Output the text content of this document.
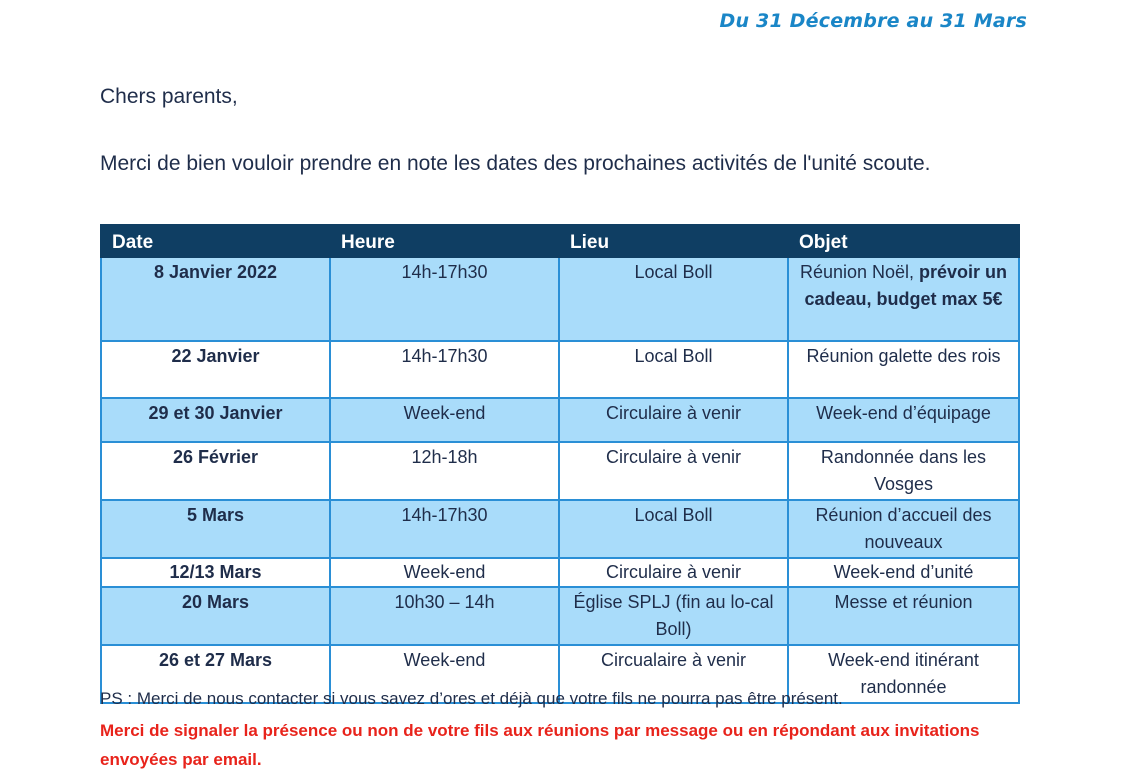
Du 31 Décembre au 31 Mars
Chers parents,
Merci de bien vouloir prendre en note les dates des prochaines activités de l'unité scoute.
Date	Heure	Lieu	Objet
8 Janvier 2022	14h-17h30	Local Boll	Réunion Noël, prévoir un cadeau, budget max 5€
22 Janvier	14h-17h30	Local Boll	Réunion galette des rois
29 et 30 Janvier	Week-end	Circulaire à venir	Week-end d’équipage
26 Février	12h-18h	Circulaire à venir	Randonnée dans les Vosges
5 Mars	14h-17h30	Local Boll	Réunion d’accueil des nouveaux
12/13 Mars	Week-end	Circulaire à venir	Week-end d’unité
20 Mars	10h30 – 14h	Église SPLJ (fin au lo-cal Boll)	Messe et réunion
26 et 27 Mars	Week-end	Circualaire à venir	Week-end itinérant randonnée
PS : Merci de nous contacter si vous savez d’ores et déjà que votre fils ne pourra pas être présent.
Merci de signaler la présence ou non de votre fils aux réunions par message ou en répondant aux invitations envoyées par email.
